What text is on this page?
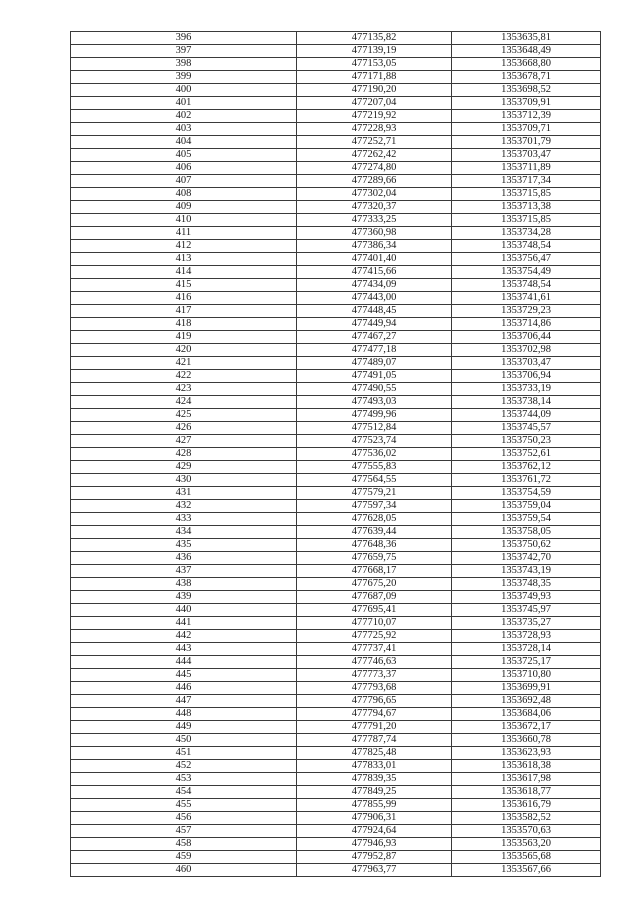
396	477135,82	1353635,81
397	477139,19	1353648,49
398	477153,05	1353668,80
399	477171,88	1353678,71
400	477190,20	1353698,52
401	477207,04	1353709,91
402	477219,92	1353712,39
403	477228,93	1353709,71
404	477252,71	1353701,79
405	477262,42	1353703,47
406	477274,80	1353711,89
407	477289,66	1353717,34
408	477302,04	1353715,85
409	477320,37	1353713,38
410	477333,25	1353715,85
411	477360,98	1353734,28
412	477386,34	1353748,54
413	477401,40	1353756,47
414	477415,66	1353754,49
415	477434,09	1353748,54
416	477443,00	1353741,61
417	477448,45	1353729,23
418	477449,94	1353714,86
419	477467,27	1353706,44
420	477477,18	1353702,98
421	477489,07	1353703,47
422	477491,05	1353706,94
423	477490,55	1353733,19
424	477493,03	1353738,14
425	477499,96	1353744,09
426	477512,84	1353745,57
427	477523,74	1353750,23
428	477536,02	1353752,61
429	477555,83	1353762,12
430	477564,55	1353761,72
431	477579,21	1353754,59
432	477597,34	1353759,04
433	477628,05	1353759,54
434	477639,44	1353758,05
435	477648,36	1353750,62
436	477659,75	1353742,70
437	477668,17	1353743,19
438	477675,20	1353748,35
439	477687,09	1353749,93
440	477695,41	1353745,97
441	477710,07	1353735,27
442	477725,92	1353728,93
443	477737,41	1353728,14
444	477746,63	1353725,17
445	477773,37	1353710,80
446	477793,68	1353699,91
447	477796,65	1353692,48
448	477794,67	1353684,06
449	477791,20	1353672,17
450	477787,74	1353660,78
451	477825,48	1353623,93
452	477833,01	1353618,38
453	477839,35	1353617,98
454	477849,25	1353618,77
455	477855,99	1353616,79
456	477906,31	1353582,52
457	477924,64	1353570,63
458	477946,93	1353563,20
459	477952,87	1353565,68
460	477963,77	1353567,66
